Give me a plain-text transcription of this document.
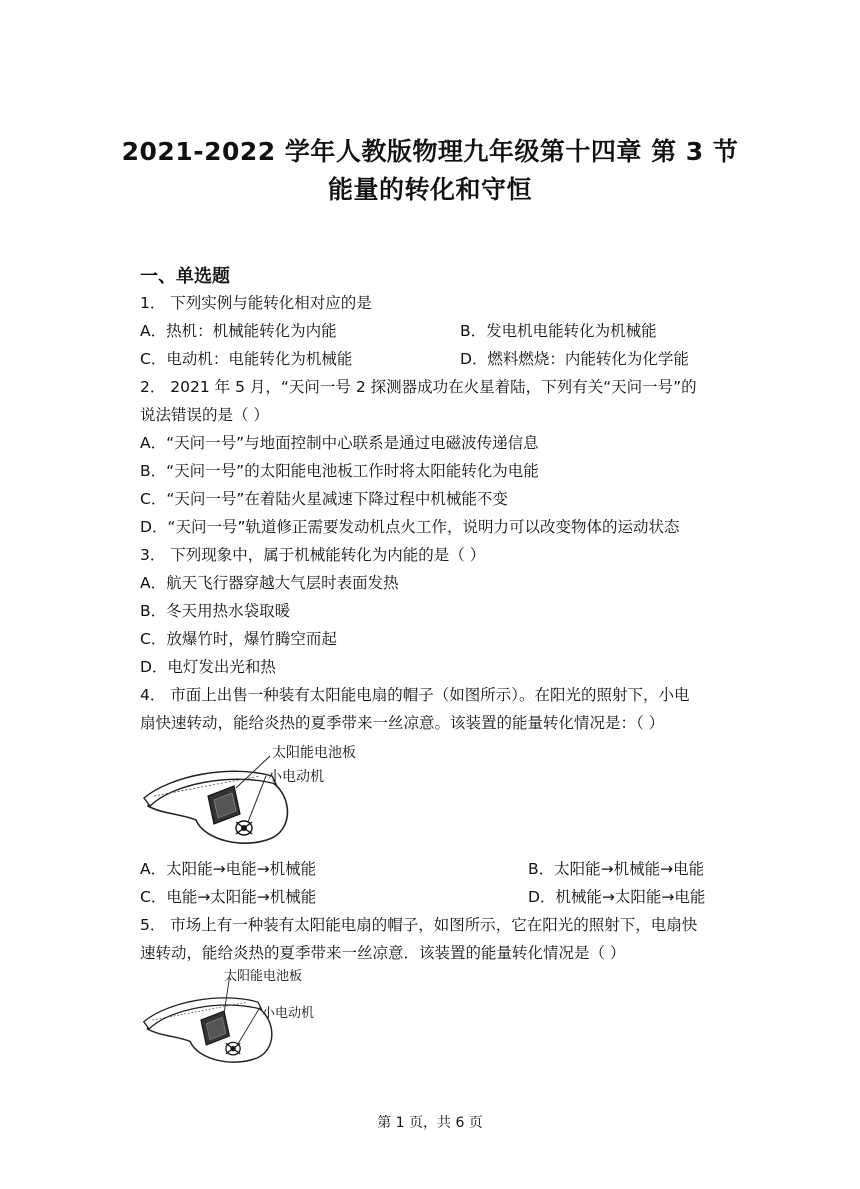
2021-2022 学年人教版物理九年级第十四章 第 3 节
能量的转化和守恒
一、单选题
1． 下列实例与能转化相对应的是
A．热机：机械能转化为内能	B．发电机电能转化为机械能
C．电动机：电能转化为机械能	D．燃料燃烧：内能转化为化学能
2． 2021 年 5 月，“天问一号 2 探测器成功在火星着陆，下列有关“天问一号”的
说法错误的是（ ）
A．“天问一号”与地面控制中心联系是通过电磁波传递信息
B．“天问一号”的太阳能电池板工作时将太阳能转化为电能
C．“天问一号”在着陆火星减速下降过程中机械能不变
D．“天问一号”轨道修正需要发动机点火工作，说明力可以改变物体的运动状态
3． 下列现象中，属于机械能转化为内能的是（ ）
A．航天飞行器穿越大气层时表面发热
B．冬天用热水袋取暖
C．放爆竹时，爆竹腾空而起
D．电灯发出光和热
4． 市面上出售一种装有太阳能电扇的帽子（如图所示）。在阳光的照射下，小电
扇快速转动，能给炎热的夏季带来一丝凉意。该装置的能量转化情况是：（ ）
太阳能电池板
小电动机
A．太阳能→电能→机械能	B．太阳能→机械能→电能
C．电能→太阳能→机械能	D．机械能→太阳能→电能
5． 市场上有一种装有太阳能电扇的帽子，如图所示，它在阳光的照射下，电扇快
速转动，能给炎热的夏季带来一丝凉意．该装置的能量转化情况是（ ）
太阳能电池板
小电动机
第 1 页，共 6 页
